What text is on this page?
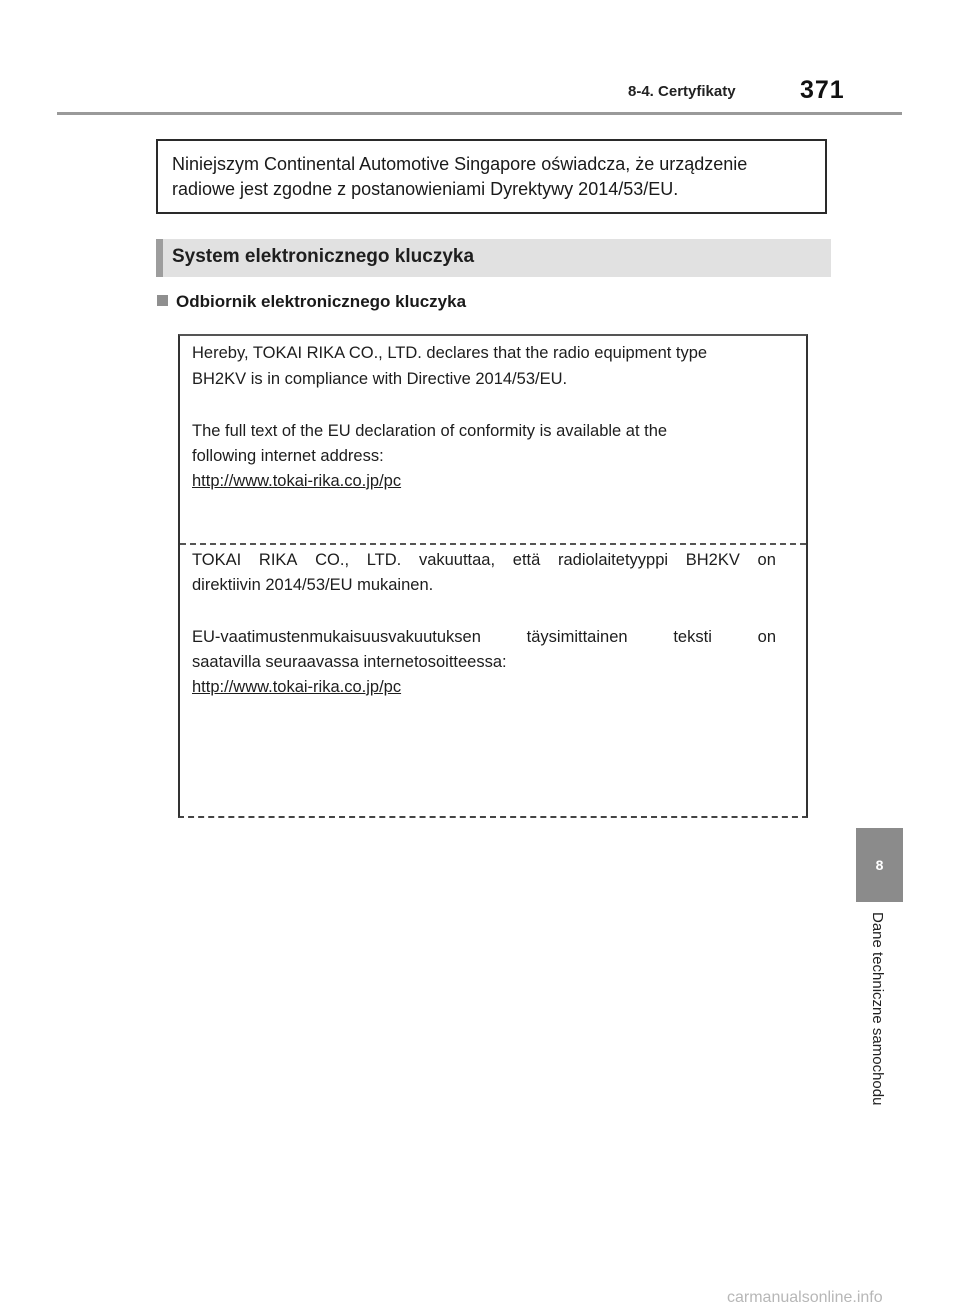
8-4. Certyfikaty	371
Niniejszym Continental Automotive Singapore oświadcza, że urządzenie
radiowe jest zgodne z postanowieniami Dyrektywy 2014/53/EU.
System elektronicznego kluczyka
Odbiornik elektronicznego kluczyka
Hereby, TOKAI RIKA CO., LTD. declares that the radio equipment type
BH2KV is in compliance with Directive 2014/53/EU.
The full text of the EU declaration of conformity is available at the
following internet address:
http://www.tokai-rika.co.jp/pc
TOKAI RIKA CO., LTD. vakuuttaa, että radiolaitetyyppi BH2KV on
direktiivin 2014/53/EU mukainen.
EU-vaatimustenmukaisuusvakuutuksen	täysimittainen	teksti	on
saatavilla seuraavassa internetosoitteessa:
http://www.tokai-rika.co.jp/pc
8
Dane techniczne samochodu
carmanualsonline.info
